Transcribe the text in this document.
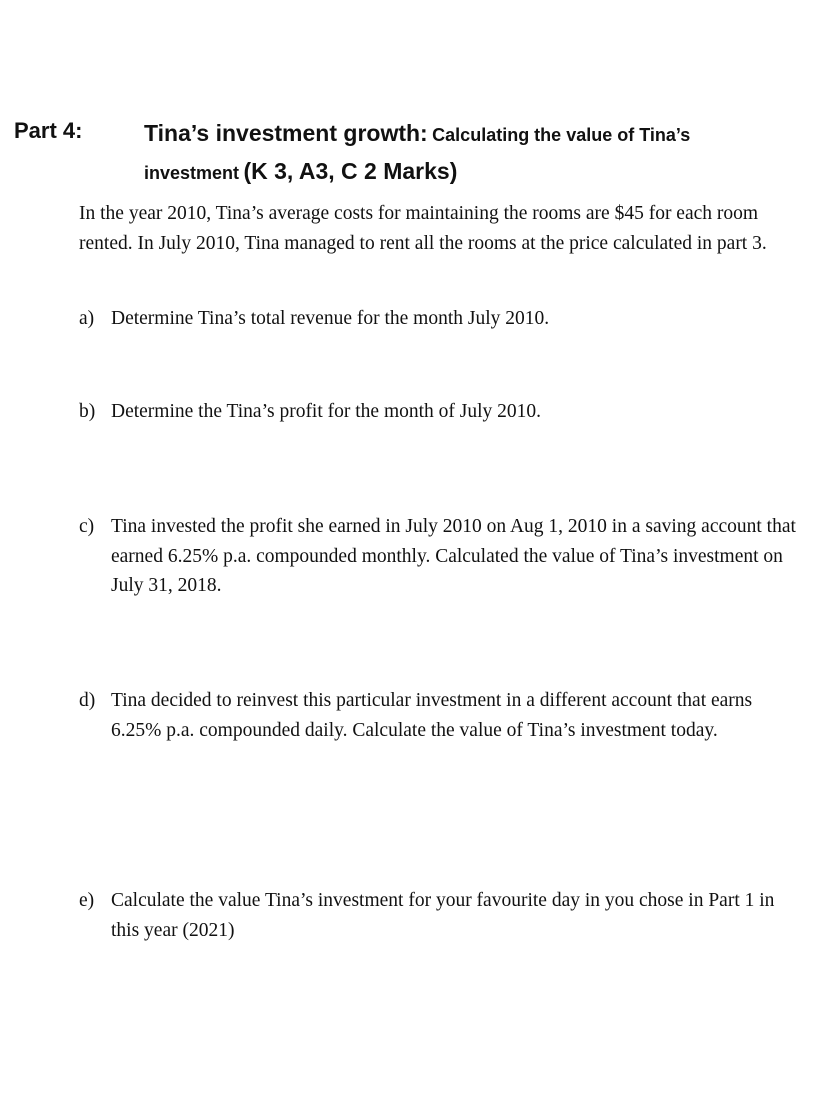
Part 4:	Tina’s investment growth: Calculating the value of Tina’s
investment (K 3, A3, C 2 Marks)
In the year 2010, Tina’s average costs for maintaining the rooms are $45 for each room rented. In July 2010, Tina managed to rent all the rooms at the price calculated in part 3.
a) Determine Tina’s total revenue for the month July 2010.
b) Determine the Tina’s profit for the month of July 2010.
c) Tina invested the profit she earned in July 2010 on Aug 1, 2010 in a saving account that earned 6.25% p.a. compounded monthly. Calculated the value of Tina’s investment on July 31, 2018.
d) Tina decided to reinvest this particular investment in a different account that earns 6.25% p.a. compounded daily. Calculate the value of Tina’s investment today.
e) Calculate the value Tina’s investment for your favourite day in you chose in Part 1 in this year (2021)
